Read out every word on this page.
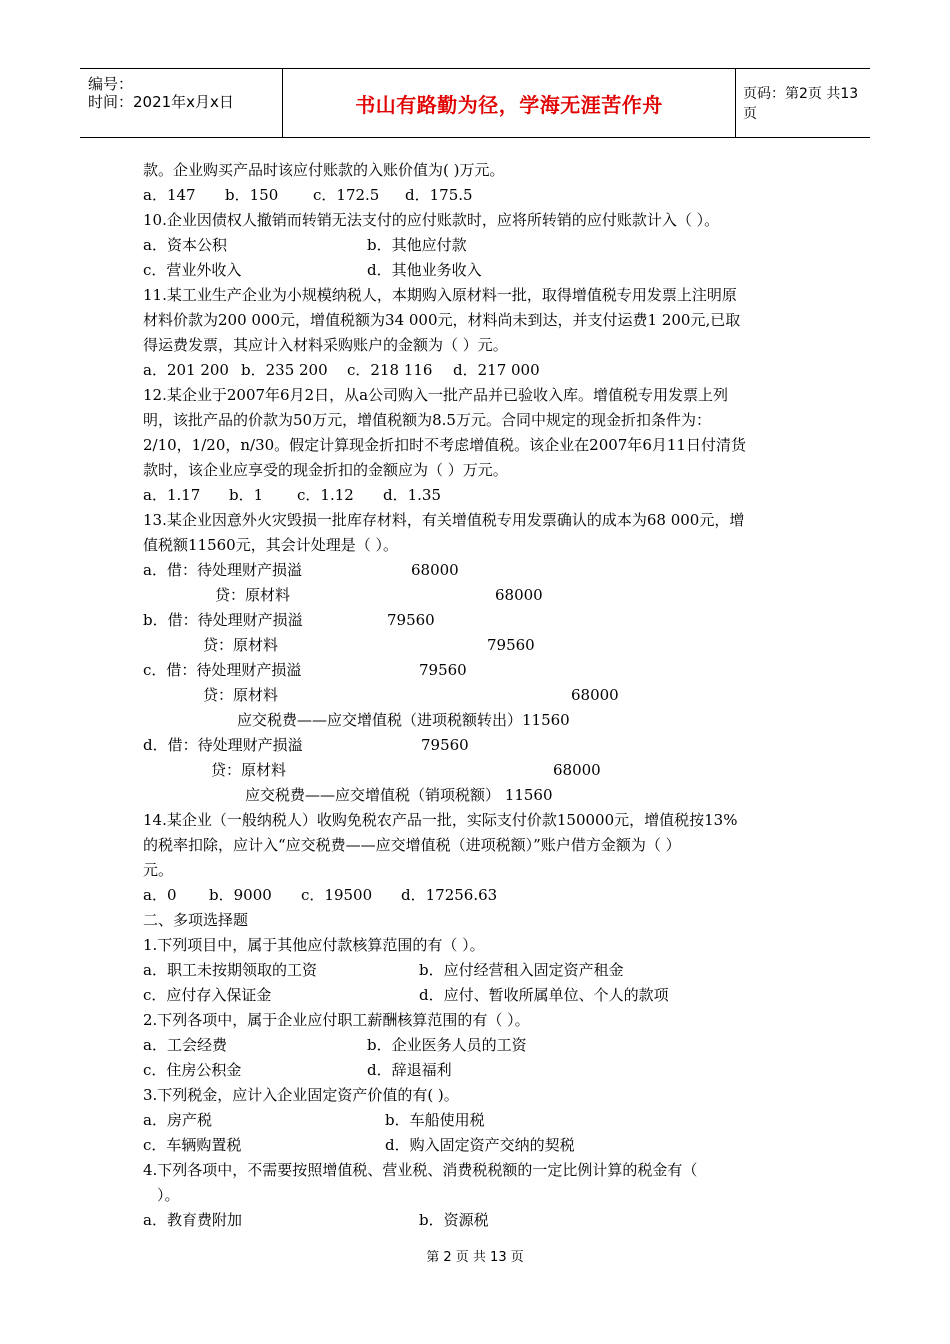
编号：
时间：2021年x月x日	书山有路勤为径，学海无涯苦作舟	页码：第2页 共13页
款。企业购买产品时该应付账款的入账价值为( )万元。
a．147 b．150 c．172.5 d．175.5
10.企业因债权人撤销而转销无法支付的应付账款时，应将所转销的应付账款计入（ ）。
a．资本公积	b．其他应付款
c．营业外收入	d．其他业务收入
11.某工业生产企业为小规模纳税人，本期购入原材料一批，取得增值税专用发票上注明原
材料价款为200 000元，增值税额为34 000元，材料尚未到达，并支付运费1 200元,已取
得运费发票，其应计入材料采购账户的金额为（ ）元。
a．201 200 b．235 200 c．218 116 d．217 000
12.某企业于2007年6月2日，从a公司购入一批产品并已验收入库。增值税专用发票上列
明，该批产品的价款为50万元，增值税额为8.5万元。合同中规定的现金折扣条件为：
2/10，1/20，n/30。假定计算现金折扣时不考虑增值税。该企业在2007年6月11日付清货
款时，该企业应享受的现金折扣的金额应为（ ）万元。
a．1.17 b．1 c．1.12 d．1.35
13.某企业因意外火灾毁损一批库存材料，有关增值税专用发票确认的成本为68 000元，增
值税额11560元，其会计处理是（ ）。
a．借：待处理财产损溢	68000
贷：原材料	68000
b．借：待处理财产损溢	79560
贷：原材料	79560
c．借：待处理财产损溢	79560
贷：原材料	68000
应交税费——应交增值税（进项税额转出）11560
d．借：待处理财产损溢	79560
贷：原材料	68000
应交税费——应交增值税（销项税额） 11560
14.某企业（一般纳税人）收购免税农产品一批，实际支付价款150000元，增值税按13%
的税率扣除，应计入“应交税费——应交增值税（进项税额）”账户借方金额为（ ）
元。
a．0 b．9000 c．19500 d．17256.63
二、多项选择题
1.下列项目中，属于其他应付款核算范围的有（ ）。
a．职工未按期领取的工资	b．应付经营租入固定资产租金
c．应付存入保证金	d．应付、暂收所属单位、个人的款项
2.下列各项中，属于企业应付职工薪酬核算范围的有（ ）。
a．工会经费	b．企业医务人员的工资
c．住房公积金	d．辞退福利
3.下列税金，应计入企业固定资产价值的有( )。
a．房产税	b．车船使用税
c．车辆购置税	d．购入固定资产交纳的契税
4.下列各项中，不需要按照增值税、营业税、消费税税额的一定比例计算的税金有（
）。
a．教育费附加	b．资源税
第 2 页 共 13 页
